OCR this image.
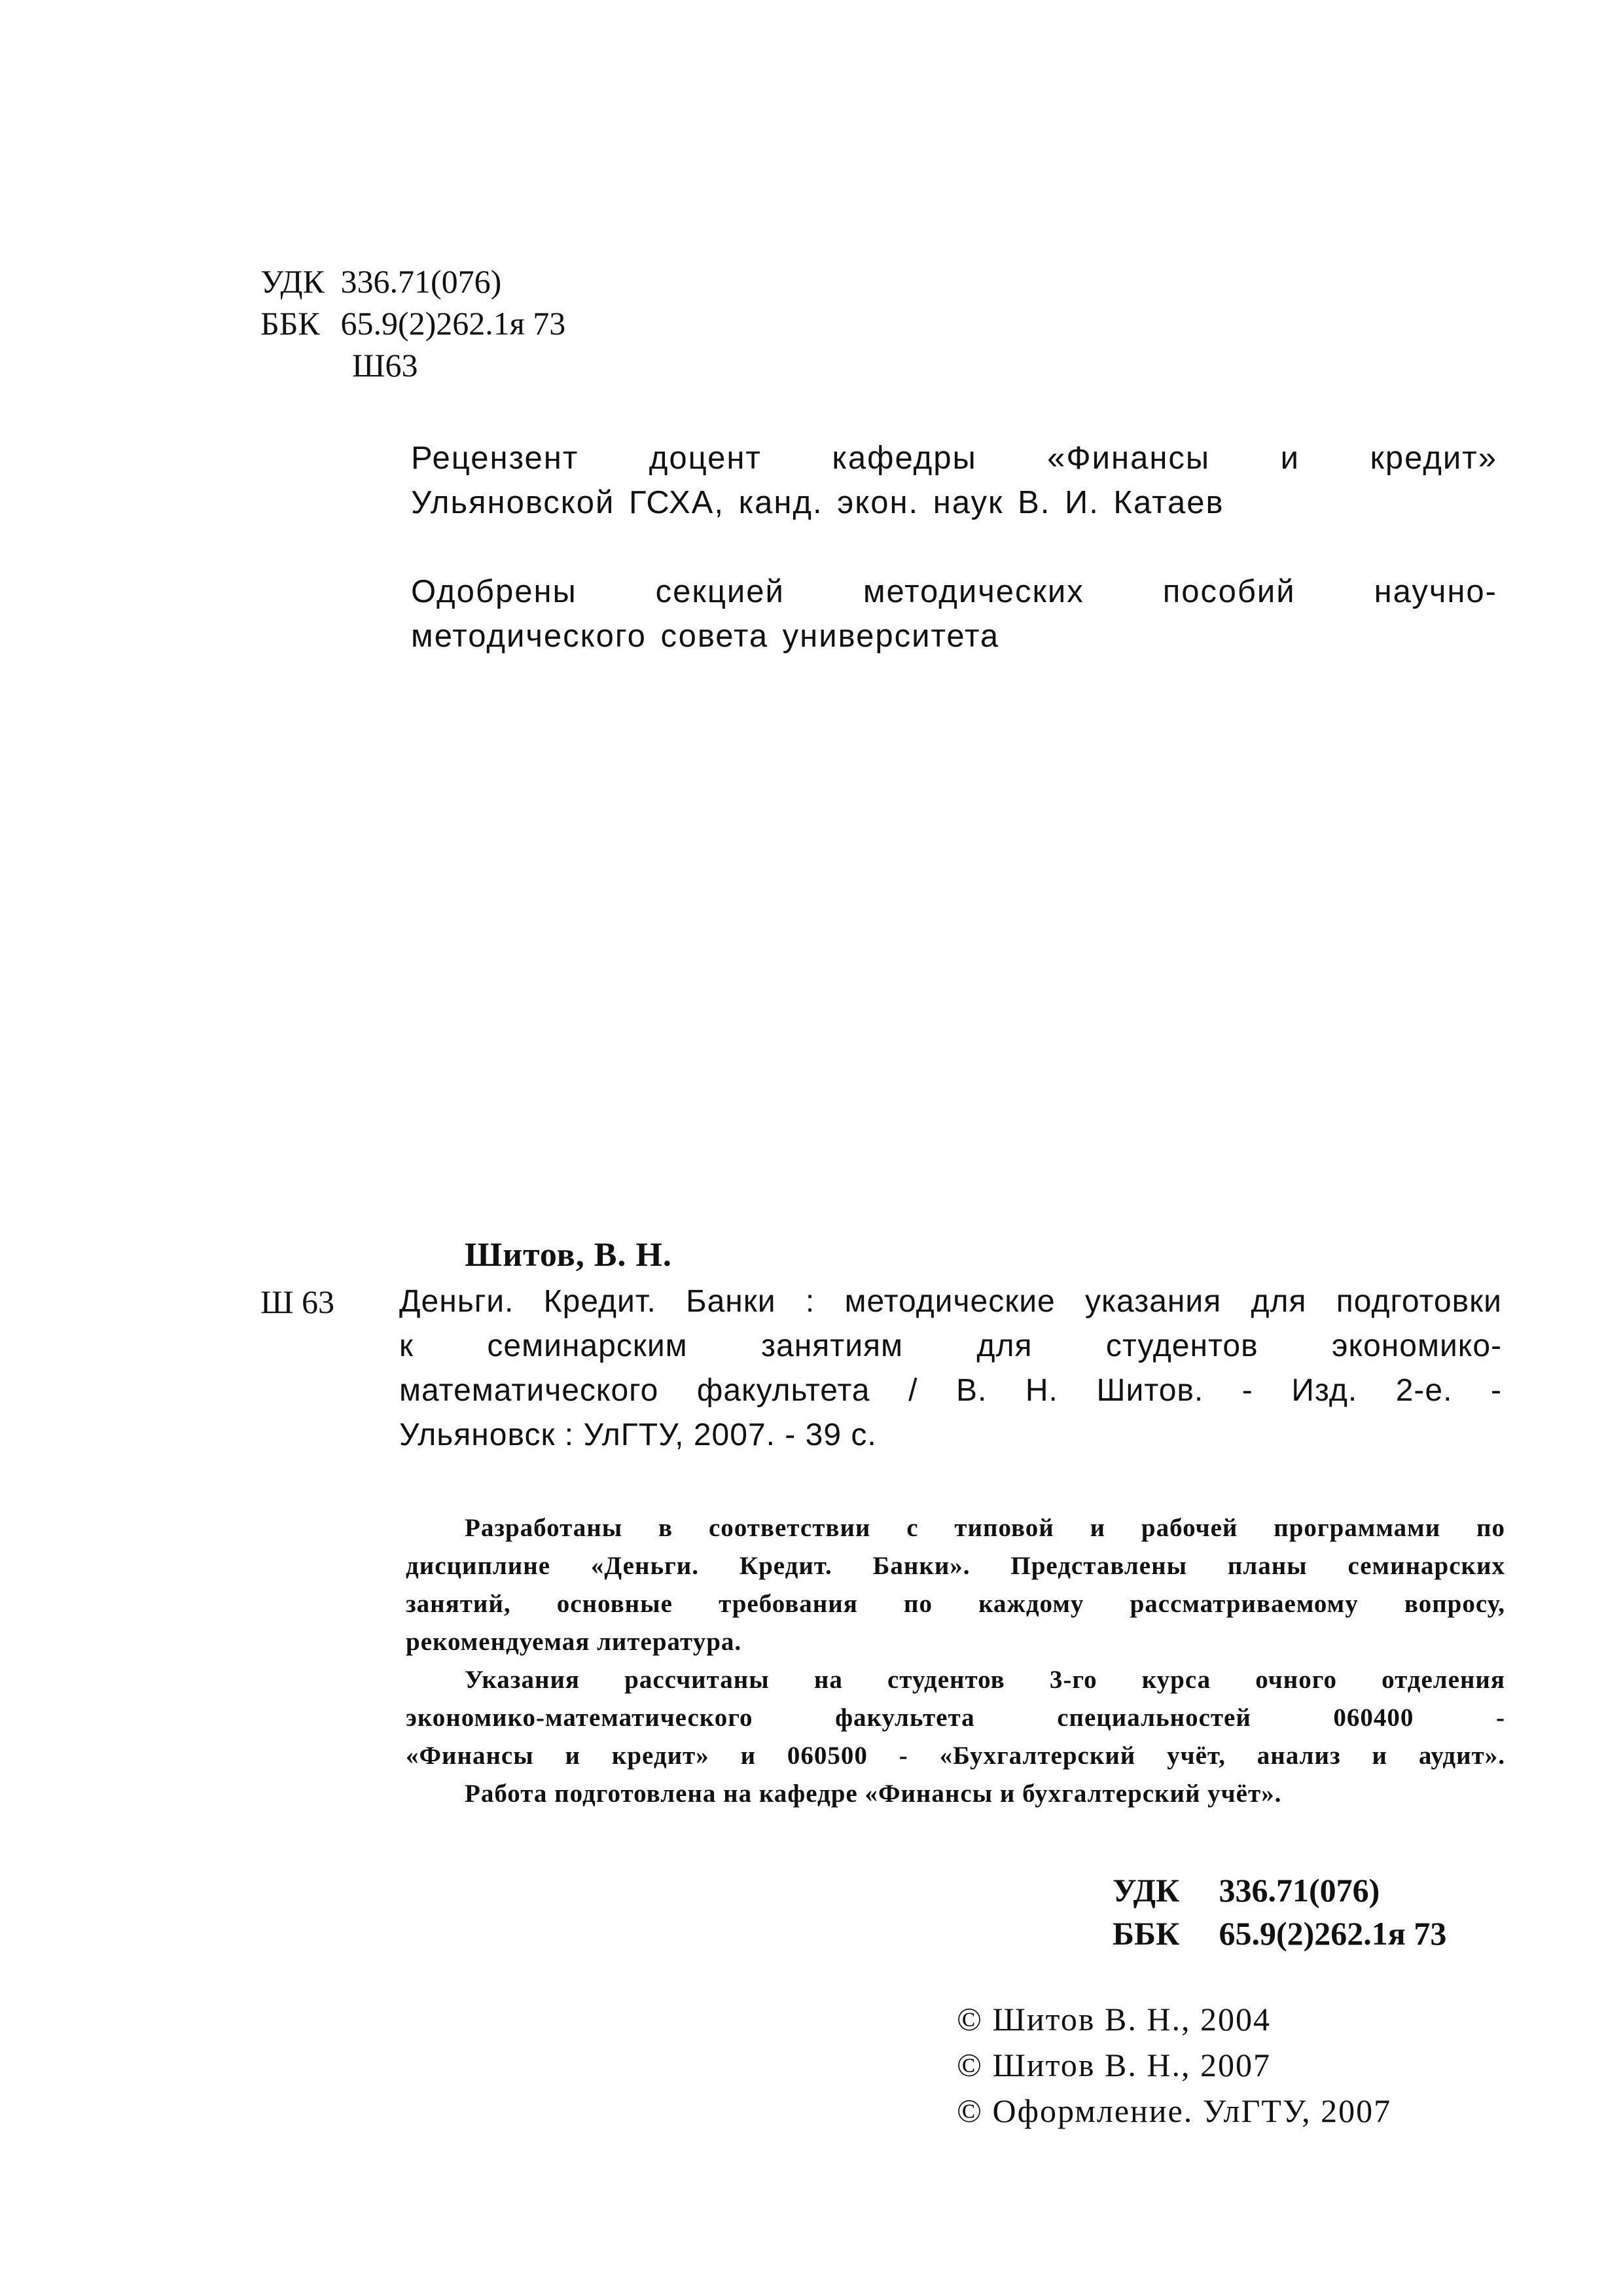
УДК 336.71(076)
ББК 65.9(2)262.1я 73
Ш63
Рецензент доцент кафедры «Финансы и кредит»
Ульяновской ГСХА, канд. экон. наук В. И. Катаев
Одобрены секцией методических пособий научно-
методического совета университета
Шитов, В. Н.
Ш 63 Деньги. Кредит. Банки : методические указания для подготовки
к семинарским занятиям для студентов экономико-
математического факультета / В. Н. Шитов. - Изд. 2-е. -
Ульяновск : УлГТУ, 2007. - 39 с.
Разработаны в соответствии с типовой и рабочей программами по
дисциплине «Деньги. Кредит. Банки». Представлены планы семинарских
занятий, основные требования по каждому рассматриваемому вопросу,
рекомендуемая литература.
Указания рассчитаны на студентов 3-го курса очного отделения
экономико-математического факультета специальностей 060400 -
«Финансы и кредит» и 060500 - «Бухгалтерский учёт, анализ и аудит».
Работа подготовлена на кафедре «Финансы и бухгалтерский учёт».
УДК 336.71(076)
ББК 65.9(2)262.1я 73
© Шитов В. Н., 2004
© Шитов В. Н., 2007
© Оформление. УлГТУ, 2007
